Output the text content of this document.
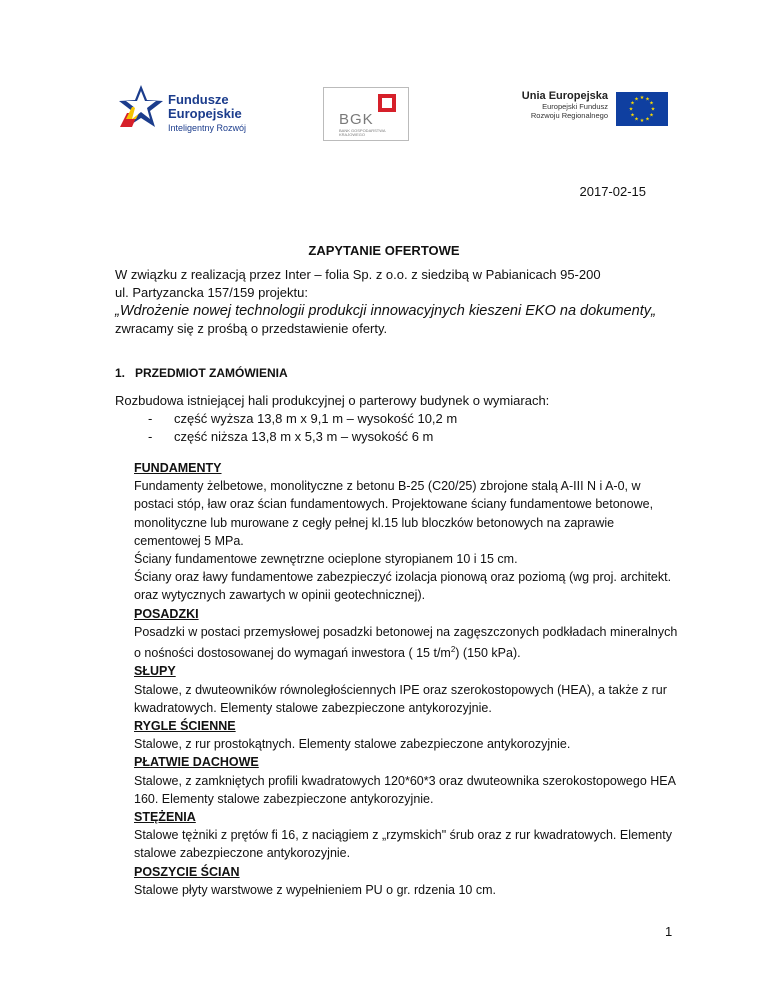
Fundusze
Europejskie
Inteligentny Rozwój	BGK
BANK GOSPODARSTWA KRAJOWEGO
Unia Europejska
Europejski Fundusz
Rozwoju Regionalnego
★ ★
★
★
★
★
★
★
★
★
★
★
2017-02-15
ZAPYTANIE OFERTOWE
W związku z realizacją przez Inter – folia Sp. z o.o. z siedzibą w Pabianicach 95-200
ul. Partyzancka 157/159 projektu:
„Wdrożenie nowej technologii produkcji innowacyjnych kieszeni EKO na dokumenty„
zwracamy się z prośbą o przedstawienie oferty.
1. PRZEDMIOT ZAMÓWIENIA
Rozbudowa istniejącej hali produkcyjnej o parterowy budynek o wymiarach:
- część wyższa 13,8 m x 9,1 m – wysokość 10,2 m
- część niższa 13,8 m x 5,3 m – wysokość 6 m
FUNDAMENTY

Fundamenty żelbetowe, monolityczne z betonu B-25 (C20/25) zbrojone stalą A-III N i A-0, w postaci stóp, ław oraz ścian fundamentowych. Projektowane ściany fundamentowe betonowe, monolityczne lub murowane z cegły pełnej kl.15 lub bloczków betonowych na zaprawie cementowej 5 MPa.

Ściany fundamentowe zewnętrzne ocieplone styropianem 10 i 15 cm.

Ściany oraz ławy fundamentowe zabezpieczyć izolacja pionową oraz poziomą (wg proj. architekt. oraz wytycznych zawartych w opinii geotechnicznej).

POSADZKI

Posadzki w postaci przemysłowej posadzki betonowej na zagęszczonych podkładach mineralnych o nośności dostosowanej do wymagań inwestora ( 15 $t/m^2$) (150 kPa).

SŁUPY

Stalowe, z dwuteowników równoległościennych IPE oraz szerokostopowych (HEA), a także z rur kwadratowych. Elementy stalowe zabezpieczone antykorozyjnie.

RYGLE ŚCIENNE

Stalowe, z rur prostokątnych. Elementy stalowe zabezpieczone antykorozyjnie.

PŁATWIE DACHOWE

Stalowe, z zamkniętych profili kwadratowych 120*60*3 oraz dwuteownika szerokostopowego HEA 160. Elementy stalowe zabezpieczone antykorozyjnie.

STĘŻENIA

Stalowe tężniki z prętów fi 16, z naciągiem z „rzymskich" śrub oraz z rur kwadratowych. Elementy stalowe zabezpieczone antykorozyjnie.

POSZYCIE ŚCIAN

Stalowe płyty warstwowe z wypełnieniem PU o gr. rdzenia 10 cm.

1
